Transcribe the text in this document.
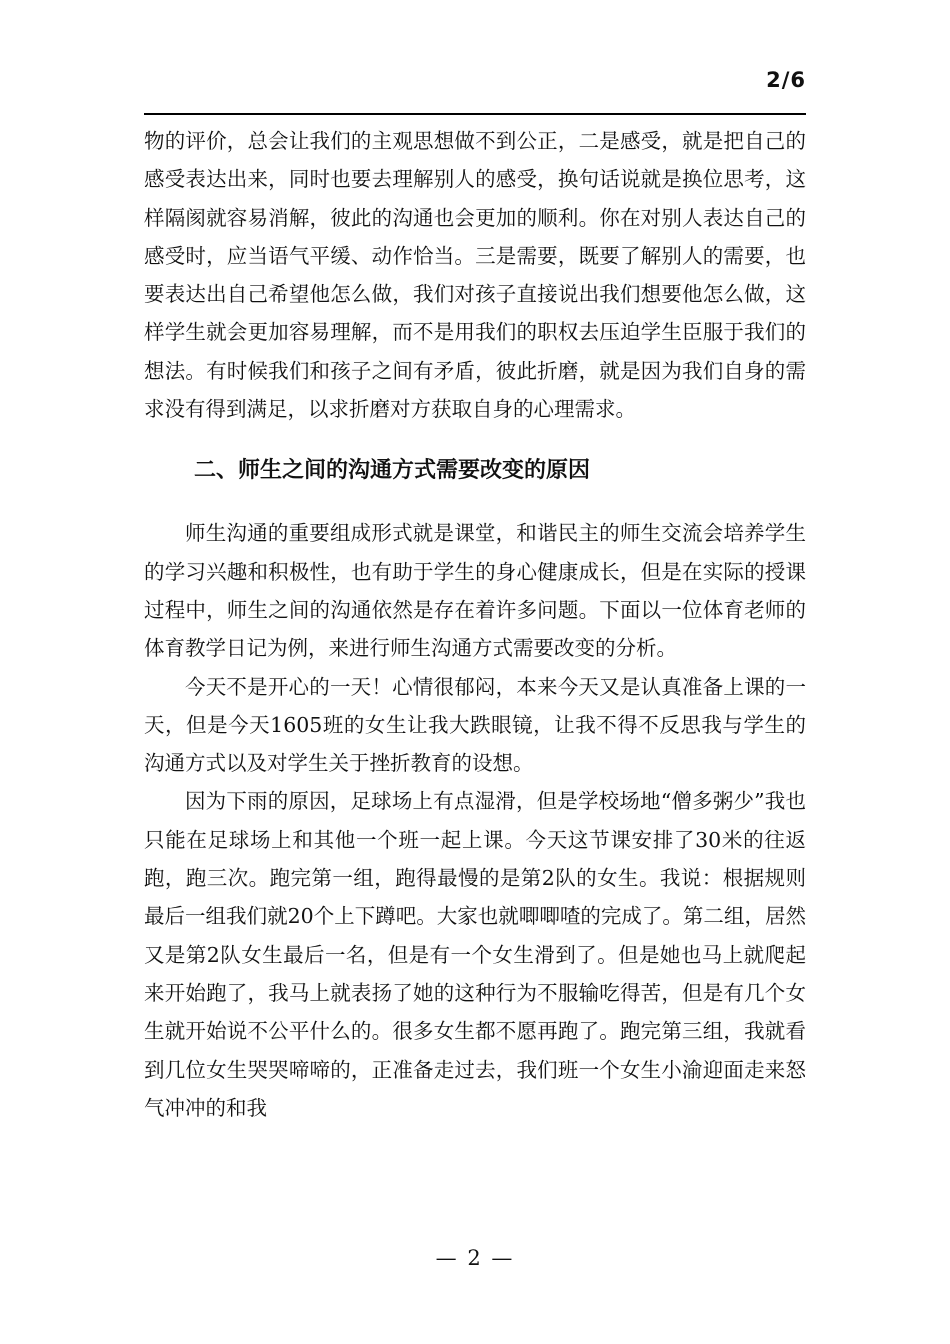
2/6

物的评价，总会让我们的主观思想做不到公正，二是感受，就是把自己的感受表达出来，同时也要去理解别人的感受，换句话说就是换位思考，这样隔阂就容易消解，彼此的沟通也会更加的顺利。你在对别人表达自己的感受时，应当语气平缓、动作恰当。三是需要，既要了解别人的需要，也要表达出自己希望他怎么做，我们对孩子直接说出我们想要他怎么做，这样学生就会更加容易理解，而不是用我们的职权去压迫学生臣服于我们的想法。有时候我们和孩子之间有矛盾，彼此折磨，就是因为我们自身的需求没有得到满足，以求折磨对方获取自身的心理需求。

二、师生之间的沟通方式需要改变的原因

师生沟通的重要组成形式就是课堂，和谐民主的师生交流会培养学生的学习兴趣和积极性，也有助于学生的身心健康成长，但是在实际的授课过程中，师生之间的沟通依然是存在着许多问题。下面以一位体育老师的体育教学日记为例，来进行师生沟通方式需要改变的分析。

今天不是开心的一天！心情很郁闷，本来今天又是认真准备上课的一天，但是今天1605班的女生让我大跌眼镜，让我不得不反思我与学生的沟通方式以及对学生关于挫折教育的设想。

因为下雨的原因，足球场上有点湿滑，但是学校场地“僧多粥少”我也只能在足球场上和其他一个班一起上课。今天这节课安排了30米的往返跑，跑三次。跑完第一组，跑得最慢的是第2队的女生。我说：根据规则最后一组我们就20个上下蹲吧。大家也就唧唧喳的完成了。第二组，居然又是第2队女生最后一名，但是有一个女生滑到了。但是她也马上就爬起来开始跑了，我马上就表扬了她的这种行为不服输吃得苦，但是有几个女生就开始说不公平什么的。很多女生都不愿再跑了。跑完第三组，我就看到几位女生哭哭啼啼的，正准备走过去，我们班一个女生小渝迎面走来怒气冲冲的和我

— 2 —
